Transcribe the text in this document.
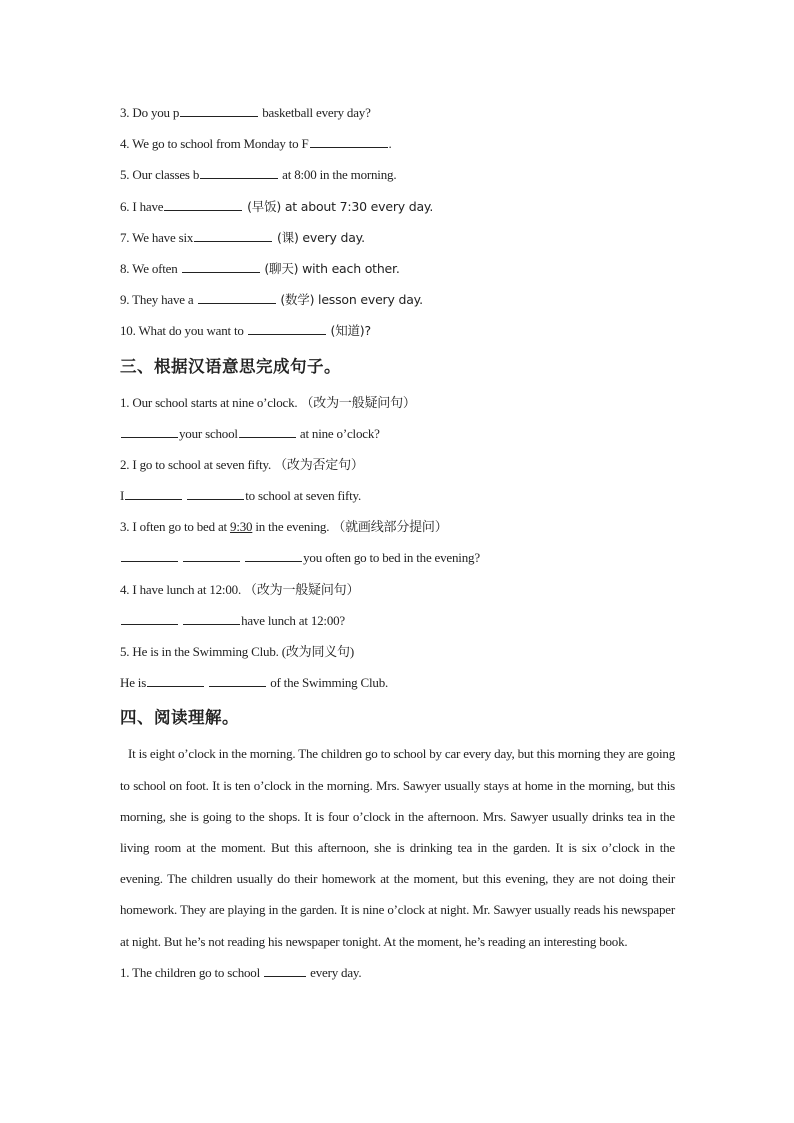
3. Do you p	basketball every day?
4. We go to school from Monday to F	.
5. Our classes b	at 8:00 in the morning.
6. I have	(早饭) at about 7:30 every day.
7. We have six	(课) every day.
8. We often	(聊天) with each other.
9. They have a	(数学) lesson every day.
10. What do you want to	(知道)?
三、根据汉语意思完成句子。
1. Our school starts at nine o’clock. （改为一般疑问句）
your school	at nine o’clock?
2. I go to school at seven fifty. （改为否定句）
I	to school at seven fifty.
3. I often go to bed at 9:30 in the evening. （就画线部分提问）
you often go to bed in the evening?
4. I have lunch at 12:00. （改为一般疑问句）
have lunch at 12:00?
5. He is in the Swimming Club. (改为同义句)
He is	of the Swimming Club.
四、阅读理解。
It is eight o’clock in the morning. The children go to school by car every day, but this morning they are going to school on foot. It is ten o’clock in the morning. Mrs. Sawyer usually stays at home in the morning, but this morning, she is going to the shops. It is four o’clock in the afternoon. Mrs. Sawyer usually drinks tea in the living room at the moment. But this afternoon, she is drinking tea in the garden. It is six o’clock in the evening. The children usually do their homework at the moment, but this evening, they are not doing their homework. They are playing in the garden. It is nine o’clock at night. Mr. Sawyer usually reads his newspaper at night. But he’s not reading his newspaper tonight. At the moment, he’s reading an interesting book.
1. The children go to school	every day.
